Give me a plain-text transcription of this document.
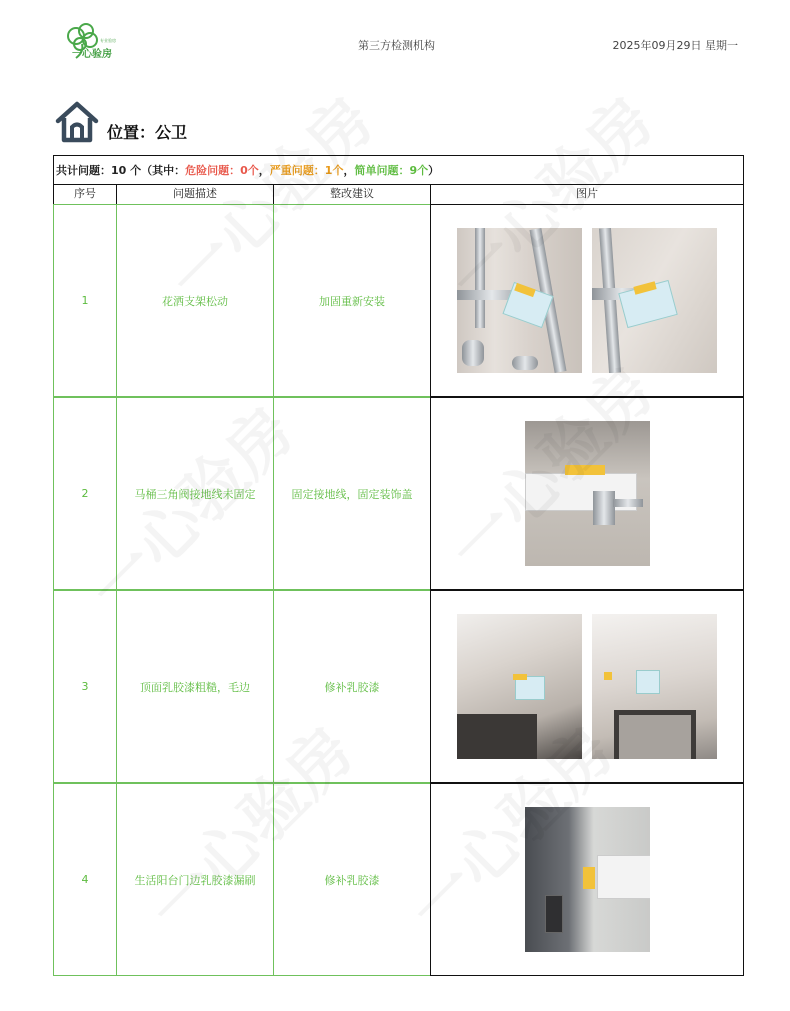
专业验房
一心验房
第三方检测机构	2025年09月29日 星期一
位置：公卫
共计问题：10 个（其中：危险问题：0个，严重问题：1个，简单问题：9个）
序号	问题描述	整改建议	图片
1	花洒支架松动	加固重新安装
2	马桶三角阀接地线未固定	固定接地线，固定装饰盖
3	顶面乳胶漆粗糙，毛边	修补乳胶漆
4	生活阳台门边乳胶漆漏刷	修补乳胶漆
